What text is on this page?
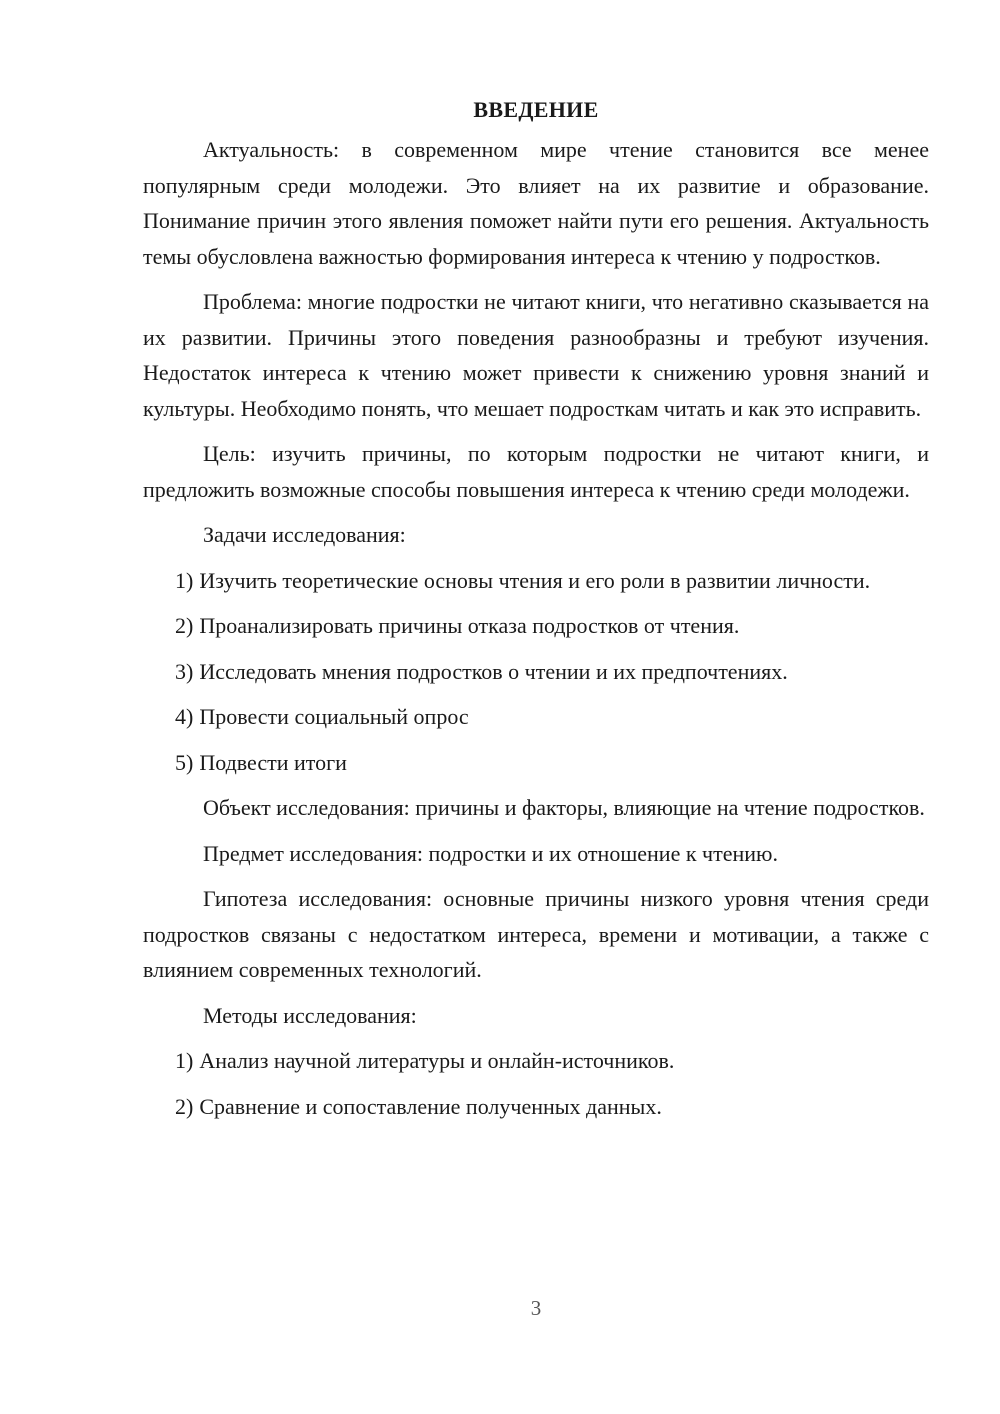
ВВЕДЕНИЕ

Актуальность: в современном мире чтение становится все менее популярным среди молодежи. Это влияет на их развитие и образование. Понимание причин этого явления поможет найти пути его решения. Актуальность темы обусловлена важностью формирования интереса к чтению у подростков.

Проблема: многие подростки не читают книги, что негативно сказывается на их развитии. Причины этого поведения разнообразны и требуют изучения. Недостаток интереса к чтению может привести к снижению уровня знаний и культуры. Необходимо понять, что мешает подросткам читать и как это исправить.

Цель: изучить причины, по которым подростки не читают книги, и предложить возможные способы повышения интереса к чтению среди молодежи.

Задачи исследования:

1) Изучить теоретические основы чтения и его роли в развитии личности.

2) Проанализировать причины отказа подростков от чтения.

3) Исследовать мнения подростков о чтении и их предпочтениях.

4) Провести социальный опрос

5) Подвести итоги

Объект исследования: причины и факторы, влияющие на чтение подростков.

Предмет исследования: подростки и их отношение к чтению.

Гипотеза исследования: основные причины низкого уровня чтения среди подростков связаны с недостатком интереса, времени и мотивации, а также с влиянием современных технологий.

Методы исследования:

1) Анализ научной литературы и онлайн-источников.

2) Сравнение и сопоставление полученных данных.

3
